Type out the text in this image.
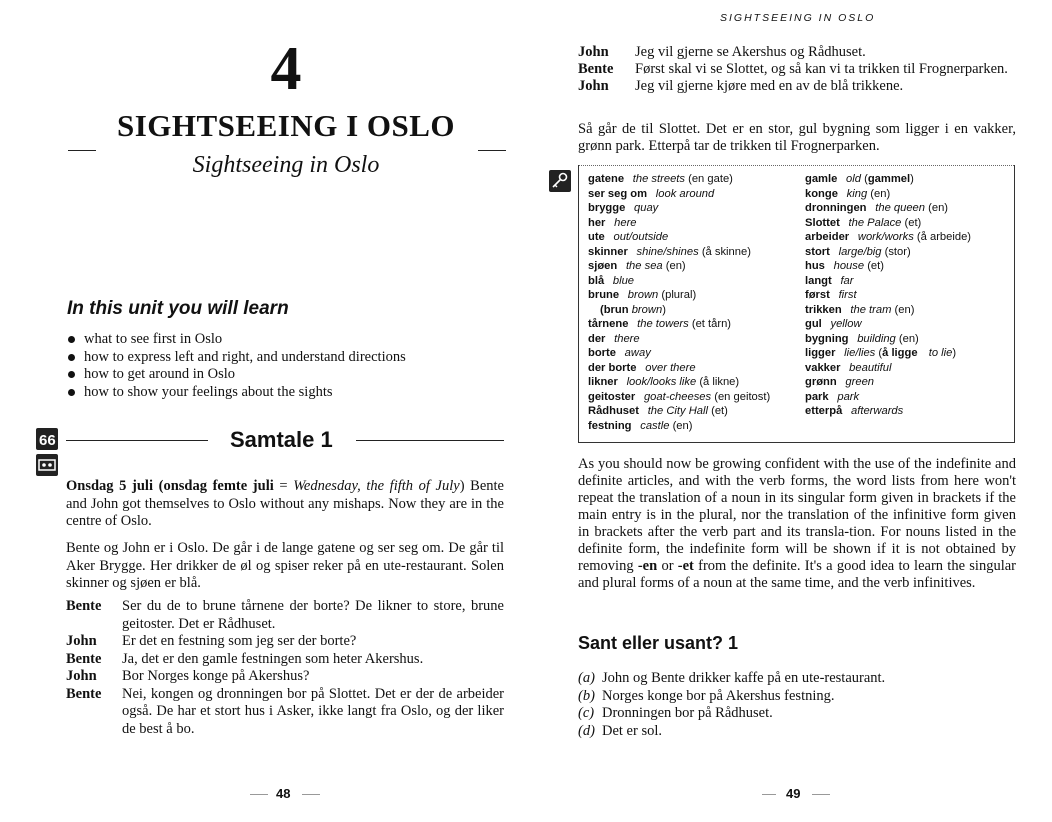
4
SIGHTSEEING I OSLO
Sightseeing in Oslo
In this unit you will learn
what to see first in Oslo
how to express left and right, and understand directions
how to get around in Oslo
how to show your feelings about the sights
66	Samtale 1
Onsdag 5 juli (onsdag femte juli = Wednesday, the fifth of July) Bente and John got themselves to Oslo without any mishaps. Now they are in the centre of Oslo.
Bente og John er i Oslo. De går i de lange gatene og ser seg om. De går til Aker Brygge. Her drikker de øl og spiser reker på en ute-restaurant. Solen skinner og sjøen er blå.
Bente	Ser du de to brune tårnene der borte? De likner to store, brune geitoster. Det er Rådhuset.
John	Er det en festning som jeg ser der borte?
Bente	Ja, det er den gamle festningen som heter Akershus.
John	Bor Norges konge på Akershus?
Bente	Nei, kongen og dronningen bor på Slottet. Det er der de arbeider også. De har et stort hus i Asker, ikke langt fra Oslo, og der liker de best å bo.
48
SIGHTSEEING IN OSLO
John	Jeg vil gjerne se Akershus og Rådhuset.
Bente	Først skal vi se Slottet, og så kan vi ta trikken til Frognerparken.
John	Jeg vil gjerne kjøre med en av de blå trikkene.
Så går de til Slottet. Det er en stor, gul bygning som ligger i en vakker, grønn park. Etterpå tar de trikken til Frognerparken.
gatene  the streets (en gate)
ser seg om  look around
brygge  quay
her  here
ute  out/outside
skinner  shine/shines (å skinne)
sjøen  the sea (en)
blå  blue
brune  brown (plural)
(brun brown)
tårnene  the towers (et tårn)
der  there
borte  away
der borte  over there
likner  look/looks like (å likne)
geitoster  goat-cheeses (en geitost)
Rådhuset  the City Hall (et)
festning  castle (en)
gamle  old (gammel)
konge  king (en)
dronningen  the queen (en)
Slottet  the Palace (et)
arbeider  work/works (å arbeide)
stort  large/big (stor)
hus  house (et)
langt  far
først  first
trikken  the tram (en)
gul  yellow
bygning  building (en)
ligger  lie/lies (å ligge  to lie)
vakker  beautiful
grønn  green
park  park
etterpå  afterwards
As you should now be growing confident with the use of the indefinite and definite articles, and with the verb forms, the word lists from here won't repeat the translation of a noun in its singular form given in brackets if the main entry is in the plural, nor the translation of the infinitive form given in brackets after the verb part and its transla-tion. For nouns listed in the definite form, the indefinite form will be shown if it is not obtained by removing -en or -et from the definite. It's a good idea to learn the singular and plural forms of a noun at the same time, and the verb infinitives.
Sant eller usant? 1
(a) John og Bente drikker kaffe på en ute-restaurant.
(b) Norges konge bor på Akershus festning.
(c) Dronningen bor på Rådhuset.
(d) Det er sol.
49
